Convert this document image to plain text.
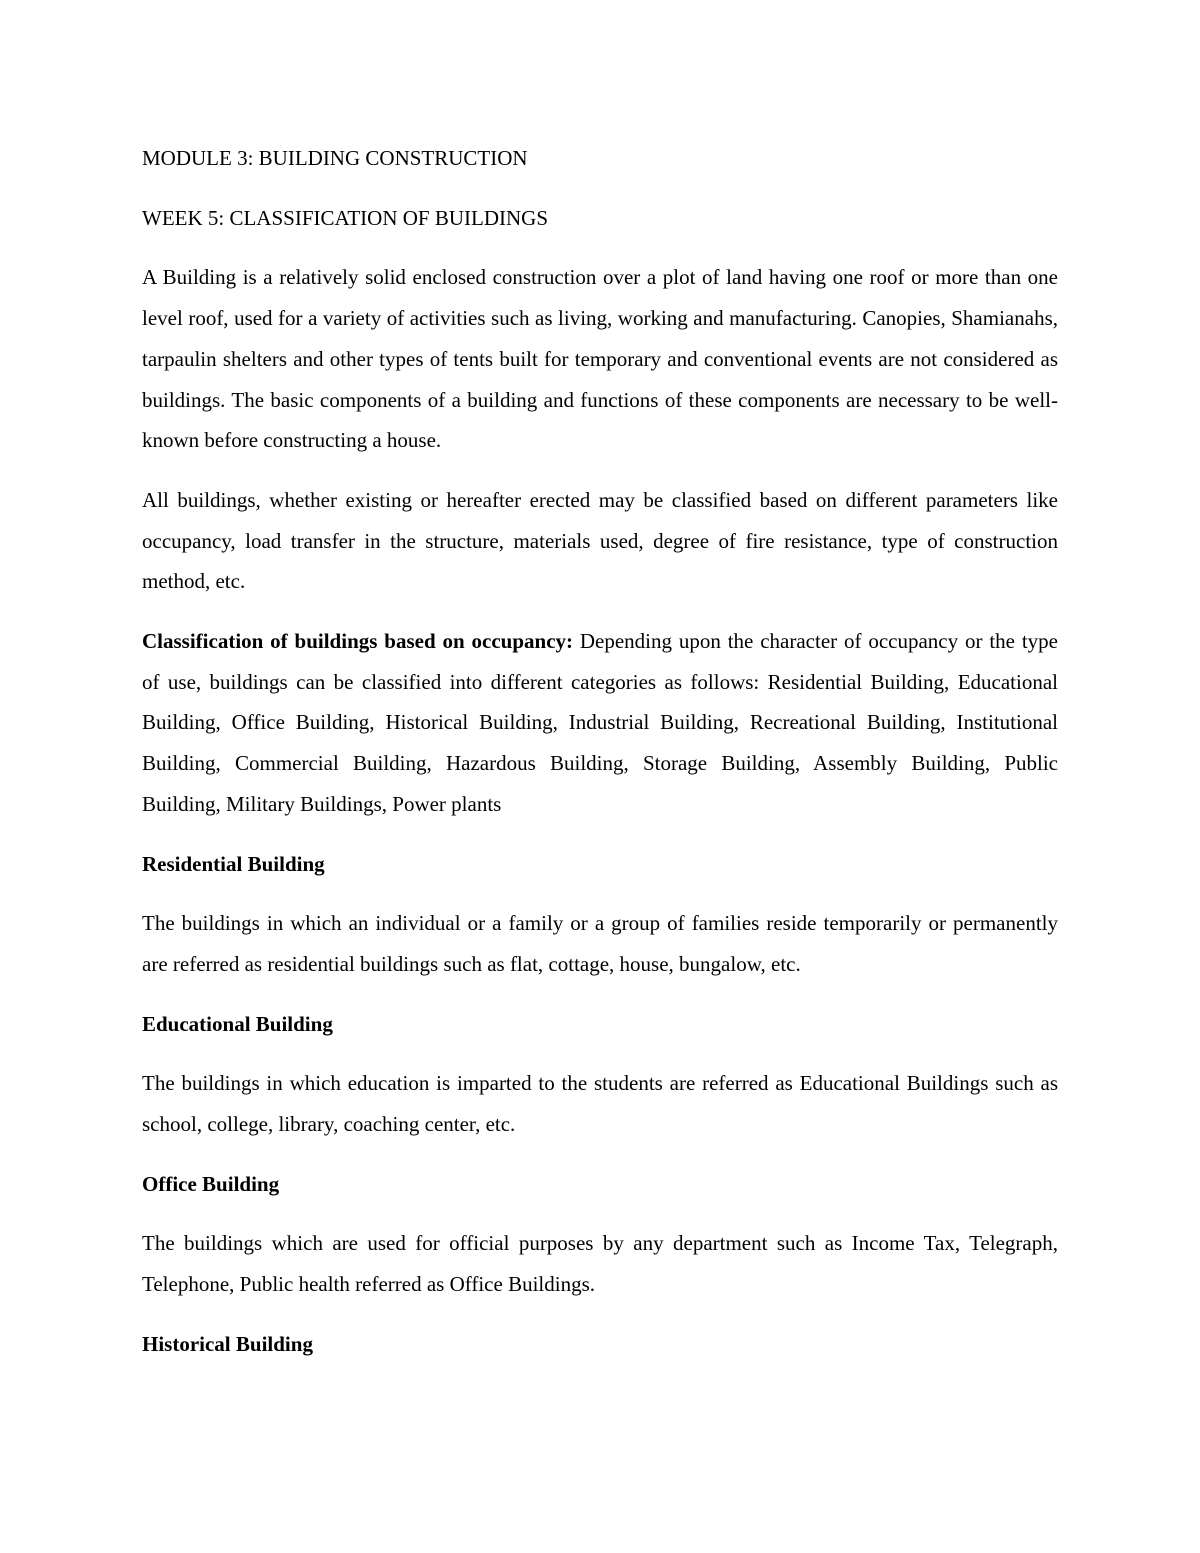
MODULE 3: BUILDING CONSTRUCTION
WEEK 5: CLASSIFICATION OF BUILDINGS

A Building is a relatively solid enclosed construction over a plot of land having one roof or more than one level roof, used for a variety of activities such as living, working and manufacturing. Canopies, Shamianahs, tarpaulin shelters and other types of tents built for temporary and conventional events are not considered as buildings. The basic components of a building and functions of these components are necessary to be well-known before constructing a house.

All buildings, whether existing or hereafter erected may be classified based on different parameters like occupancy, load transfer in the structure, materials used, degree of fire resistance, type of construction method, etc.

Classification of buildings based on occupancy: Depending upon the character of occupancy or the type of use, buildings can be classified into different categories as follows: Residential Building, Educational Building, Office Building, Historical Building, Industrial Building, Recreational Building, Institutional Building, Commercial Building, Hazardous Building, Storage Building, Assembly Building, Public Building, Military Buildings, Power plants

Residential Building

The buildings in which an individual or a family or a group of families reside temporarily or permanently are referred as residential buildings such as flat, cottage, house, bungalow, etc.

Educational Building

The buildings in which education is imparted to the students are referred as Educational Buildings such as school, college, library, coaching center, etc.

Office Building

The buildings which are used for official purposes by any department such as Income Tax, Telegraph, Telephone, Public health referred as Office Buildings.

Historical Building
